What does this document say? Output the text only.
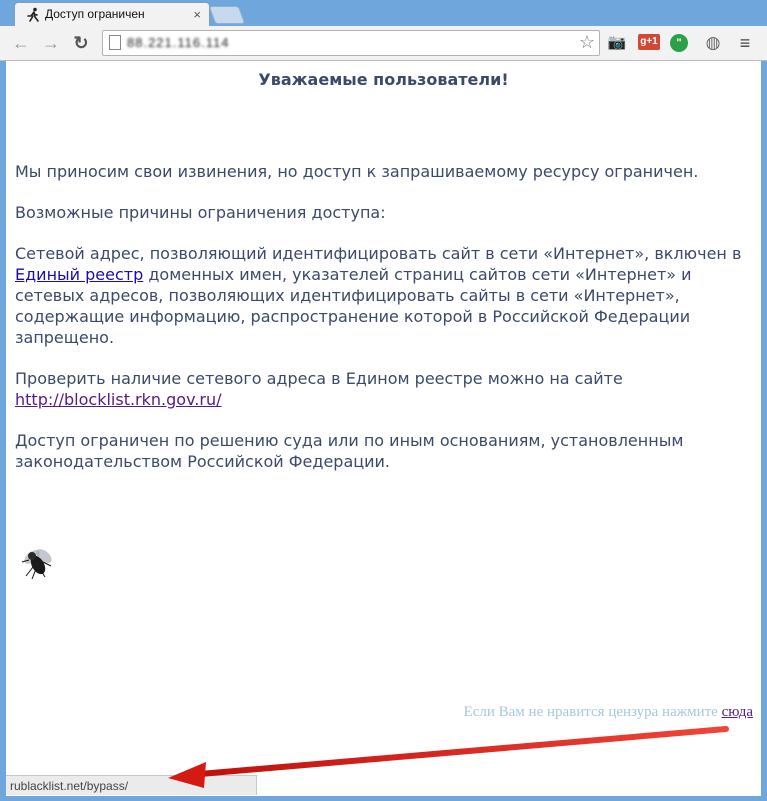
Доступ ограничен	×
← → ↻	88.221.116.114	☆ 📷 g+1	"	◍	≡
Уважаемые пользователи!

Мы приносим свои извинения, но доступ к запрашиваемому ресурсу ограничен.

Возможные причины ограничения доступа:

Сетевой адрес, позволяющий идентифицировать сайт в сети «Интернет», включен в Единый реестр доменных имен, указателей страниц сайтов сети «Интернет» и сетевых адресов, позволяющих идентифицировать сайты в сети «Интернет», содержащие информацию, распространение которой в Российской Федерации запрещено.

Проверить наличие сетевого адреса в Едином реестре можно на сайте
http://blocklist.rkn.gov.ru/

Доступ ограничен по решению суда или по иным основаниям, установленным законодательством Российской Федерации.

Если Вам не нравится цензура нажмите сюда
rublacklist.net/bypass/
